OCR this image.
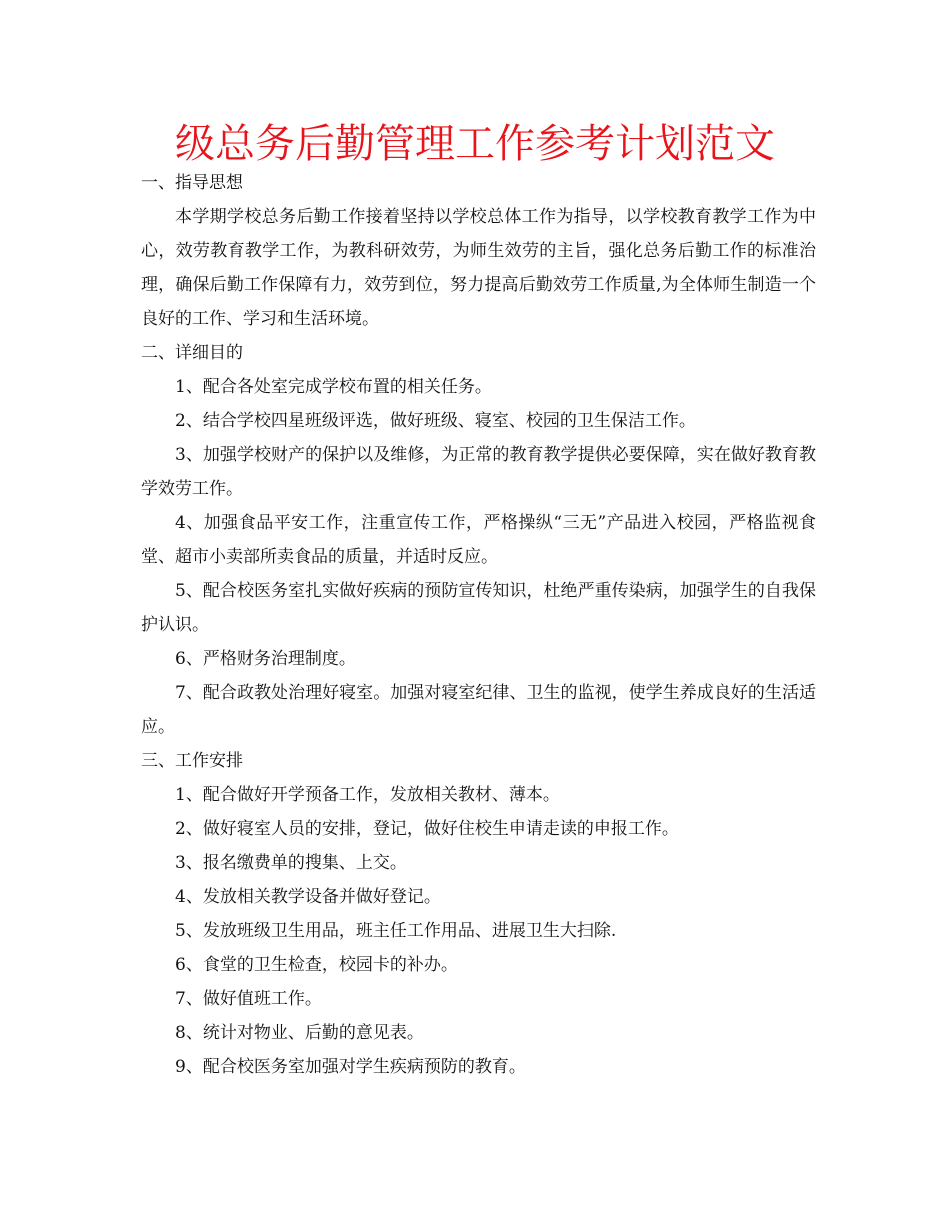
级总务后勤管理工作参考计划范文

一、指导思想

本学期学校总务后勤工作接着坚持以学校总体工作为指导，以学校教育教学工作为中心，效劳教育教学工作，为教科研效劳，为师生效劳的主旨，强化总务后勤工作的标准治理，确保后勤工作保障有力，效劳到位，努力提高后勤效劳工作质量,为全体师生制造一个良好的工作、学习和生活环境。

二、详细目的

1、配合各处室完成学校布置的相关任务。

2、结合学校四星班级评选，做好班级、寝室、校园的卫生保洁工作。

3、加强学校财产的保护以及维修，为正常的教育教学提供必要保障，实在做好教育教学效劳工作。

4、加强食品平安工作，注重宣传工作，严格操纵“三无”产品进入校园，严格监视食堂、超市小卖部所卖食品的质量，并适时反应。

5、配合校医务室扎实做好疾病的预防宣传知识，杜绝严重传染病，加强学生的自我保护认识。

6、严格财务治理制度。

7、配合政教处治理好寝室。加强对寝室纪律、卫生的监视，使学生养成良好的生活适应。

三、工作安排

1、配合做好开学预备工作，发放相关教材、薄本。

2、做好寝室人员的安排，登记，做好住校生申请走读的申报工作。

3、报名缴费单的搜集、上交。

4、发放相关教学设备并做好登记。

5、发放班级卫生用品，班主任工作用品、进展卫生大扫除.

6、食堂的卫生检查，校园卡的补办。

7、做好值班工作。

8、统计对物业、后勤的意见表。

9、配合校医务室加强对学生疾病预防的教育。
